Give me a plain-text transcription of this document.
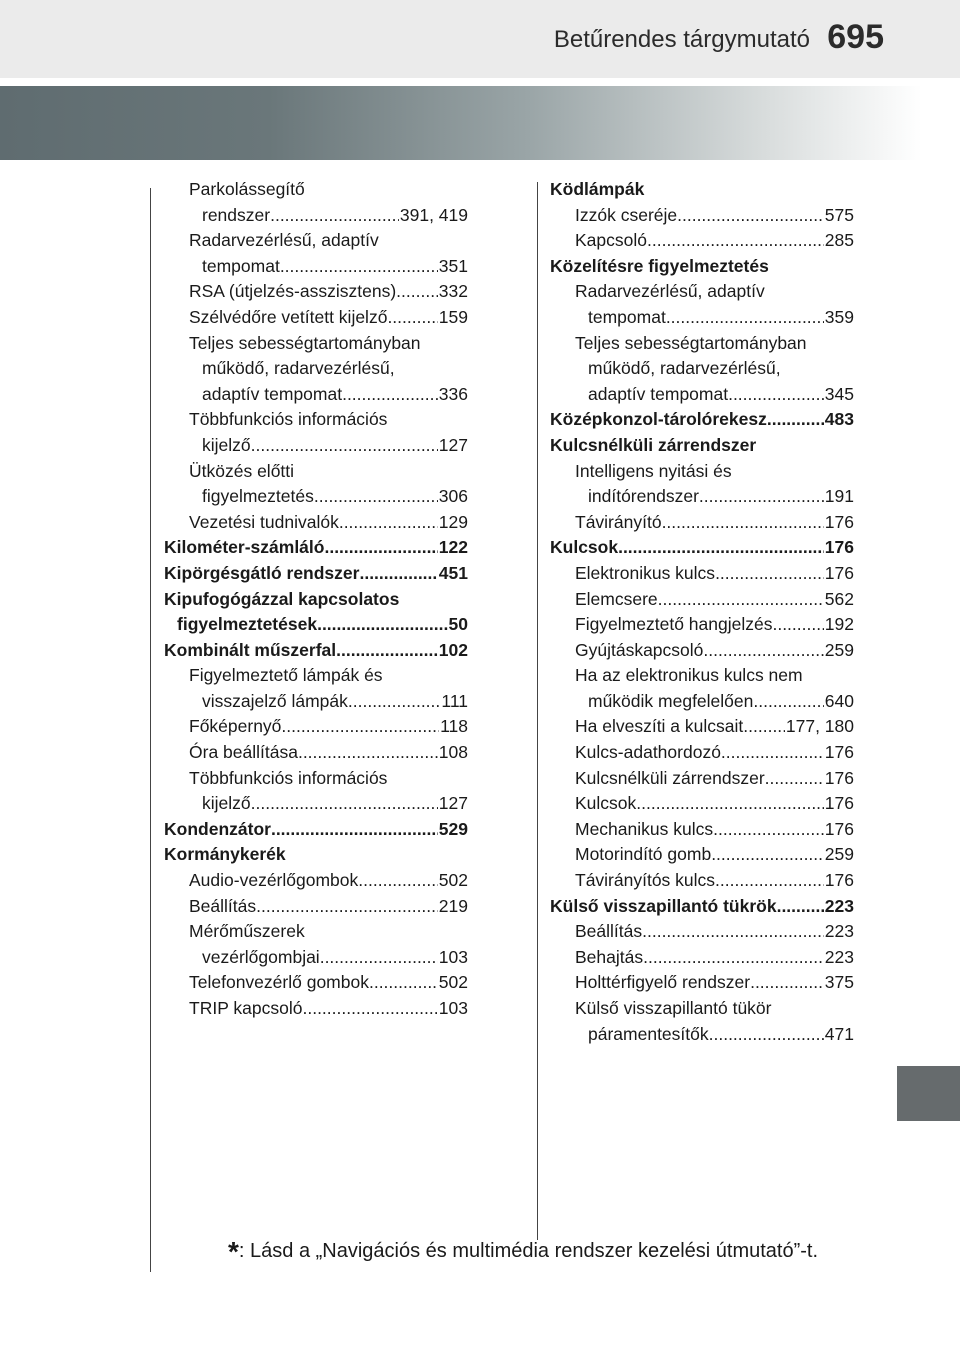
Betűrendes tárgymutató 695
Parkolássegítő
rendszer .....	391, 419
Radarvezérlésű, adaptív
tempomat .....	351
RSA (útjelzés-asszisztens) ..... 332
Szélvédőre vetített kijelző .....	159
Teljes sebességtartományban
működő, radarvezérlésű,
adaptív tempomat .....	336
Többfunkciós információs
kijelző .....	127
Ütközés előtti
figyelmeztetés .....	306
Vezetési tudnivalók .....	129
Kilométer-számláló .....	122
Kipörgésgátló rendszer .....	451
Kipufogógázzal kapcsolatos
figyelmeztetések .....	50
Kombinált műszerfal .....	102
Figyelmeztető lámpák és
visszajelző lámpák .....	111
Főképernyő .....	118
Óra beállítása .....	108
Többfunkciós információs
kijelző .....	127
Kondenzátor .....	529
Kormánykerék
Audio-vezérlőgombok .....	502
Beállítás .....	219
Mérőműszerek
vezérlőgombjai .....	103
Telefonvezérlő gombok .....	502
TRIP kapcsoló .....	103
Ködlámpák
Izzók cseréje .....	575
Kapcsoló .....	285
Közelítésre figyelmeztetés
Radarvezérlésű, adaptív
tempomat .....	359
Teljes sebességtartományban
működő, radarvezérlésű,
adaptív tempomat .....	345
Középkonzol-tárolórekesz .....	483
Kulcsnélküli zárrendszer
Intelligens nyitási és
indítórendszer .....	191
Távirányító .....	176
Kulcsok .....	176
Elektronikus kulcs .....	176
Elemcsere .....	562
Figyelmeztető hangjelzés .....	192
Gyújtáskapcsoló .....	259
Ha az elektronikus kulcs nem
működik megfelelően .....	640
Ha elveszíti a kulcsait ..... 177, 180
Kulcs-adathordozó .....	176
Kulcsnélküli zárrendszer .....	176
Kulcsok .....	176
Mechanikus kulcs .....	176
Motorindító gomb .....	259
Távirányítós kulcs .....	176
Külső visszapillantó tükrök .....	223
Beállítás .....	223
Behajtás .....	223
Holttérfigyelő rendszer .....	375
Külső visszapillantó tükör
páramentesítők .....	471
*: Lásd a „Navigációs és multimédia rendszer kezelési útmutató”-t.
